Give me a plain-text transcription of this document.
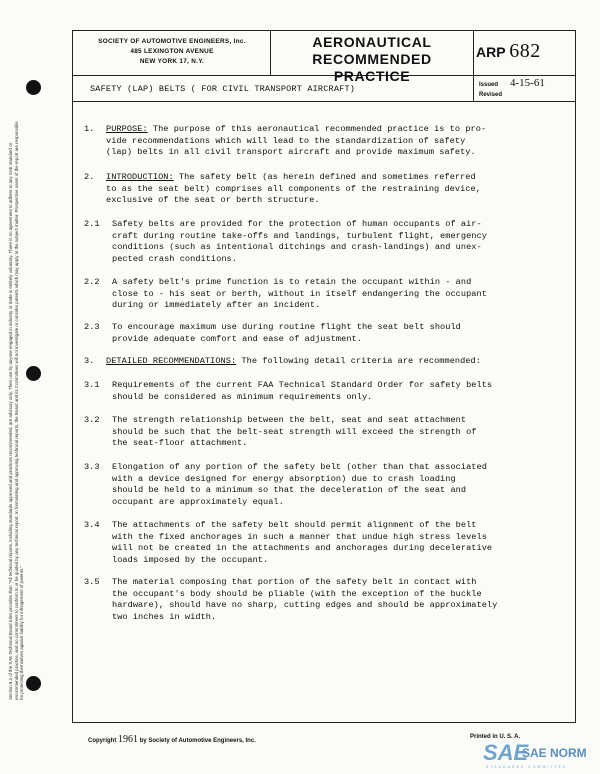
Section 8.3 of the SAE Technical Board rules provides that: "All technical reports, including standards approved and practices recommended, are advisory only. Their use by anyone engaged in industry or trade is entirely voluntary. There is no agreement to adhere to any SAE standard or recommended practice, and no commitment to conform to or be guided by any technical report. In formulating and approving technical reports, the Board and its Committees will not investigate or consider patents which may apply to the subject matter. Prospective users of the report are responsible for protecting themselves against liability for infringement of patents."
SOCIETY OF AUTOMOTIVE ENGINEERS, Inc.
485 LEXINGTON AVENUE
NEW YORK 17, N.Y.
AERONAUTICAL
RECOMMENDED PRACTICE
ARP 682
SAFETY (LAP) BELTS ( FOR CIVIL TRANSPORT AIRCRAFT)	Issued 4-15-61
Revised
1. PURPOSE: The purpose of this aeronautical recommended practice is to pro-
vide recommendations which will lead to the standardization of safety
(lap) belts in all civil transport aircraft and provide maximum safety.
2. INTRODUCTION: The safety belt (as herein defined and sometimes referred
to as the seat belt) comprises all components of the restraining device,
exclusive of the seat or berth structure.
2.1 Safety belts are provided for the protection of human occupants of air-
craft during routine take-offs and landings, turbulent flight, emergency
conditions (such as intentional ditchings and crash-landings) and unex-
pected crash conditions.
2.2 A safety belt's prime function is to retain the occupant within - and
close to - his seat or berth, without in itself endangering the occupant
during or immediately after an incident.
2.3 To encourage maximum use during routine flight the seat belt should
provide adequate comfort and ease of adjustment.
3. DETAILED RECOMMENDATIONS: The following detail criteria are recommended:
3.1 Requirements of the current FAA Technical Standard Order for safety belts
should be considered as minimum requirements only.
3.2 The strength relationship between the belt, seat and seat attachment
should be such that the belt-seat strength will exceed the strength of
the seat-floor attachment.
3.3 Elongation of any portion of the safety belt (other than that associated
with a device designed for energy absorption) due to crash loading
should be held to a minimum so that the deceleration of the seat and
occupant are approximately equal.
3.4 The attachments of the safety belt should permit alignment of the belt
with the fixed anchorages in such a manner that undue high stress levels
will not be created in the attachments and anchorages during decelerative
loads imposed by the occupant.
3.5 The material composing that portion of the safety belt in contact with
the occupant's body should be pliable (with the exception of the buckle
hardware), should have no sharp, cutting edges and should be approximately
two inches in width.
Copyright 1961 by Society of Automotive Engineers, Inc.
Printed in U. S. A.
SAE
SAE NORM
STANDARDS COMMITTEE
